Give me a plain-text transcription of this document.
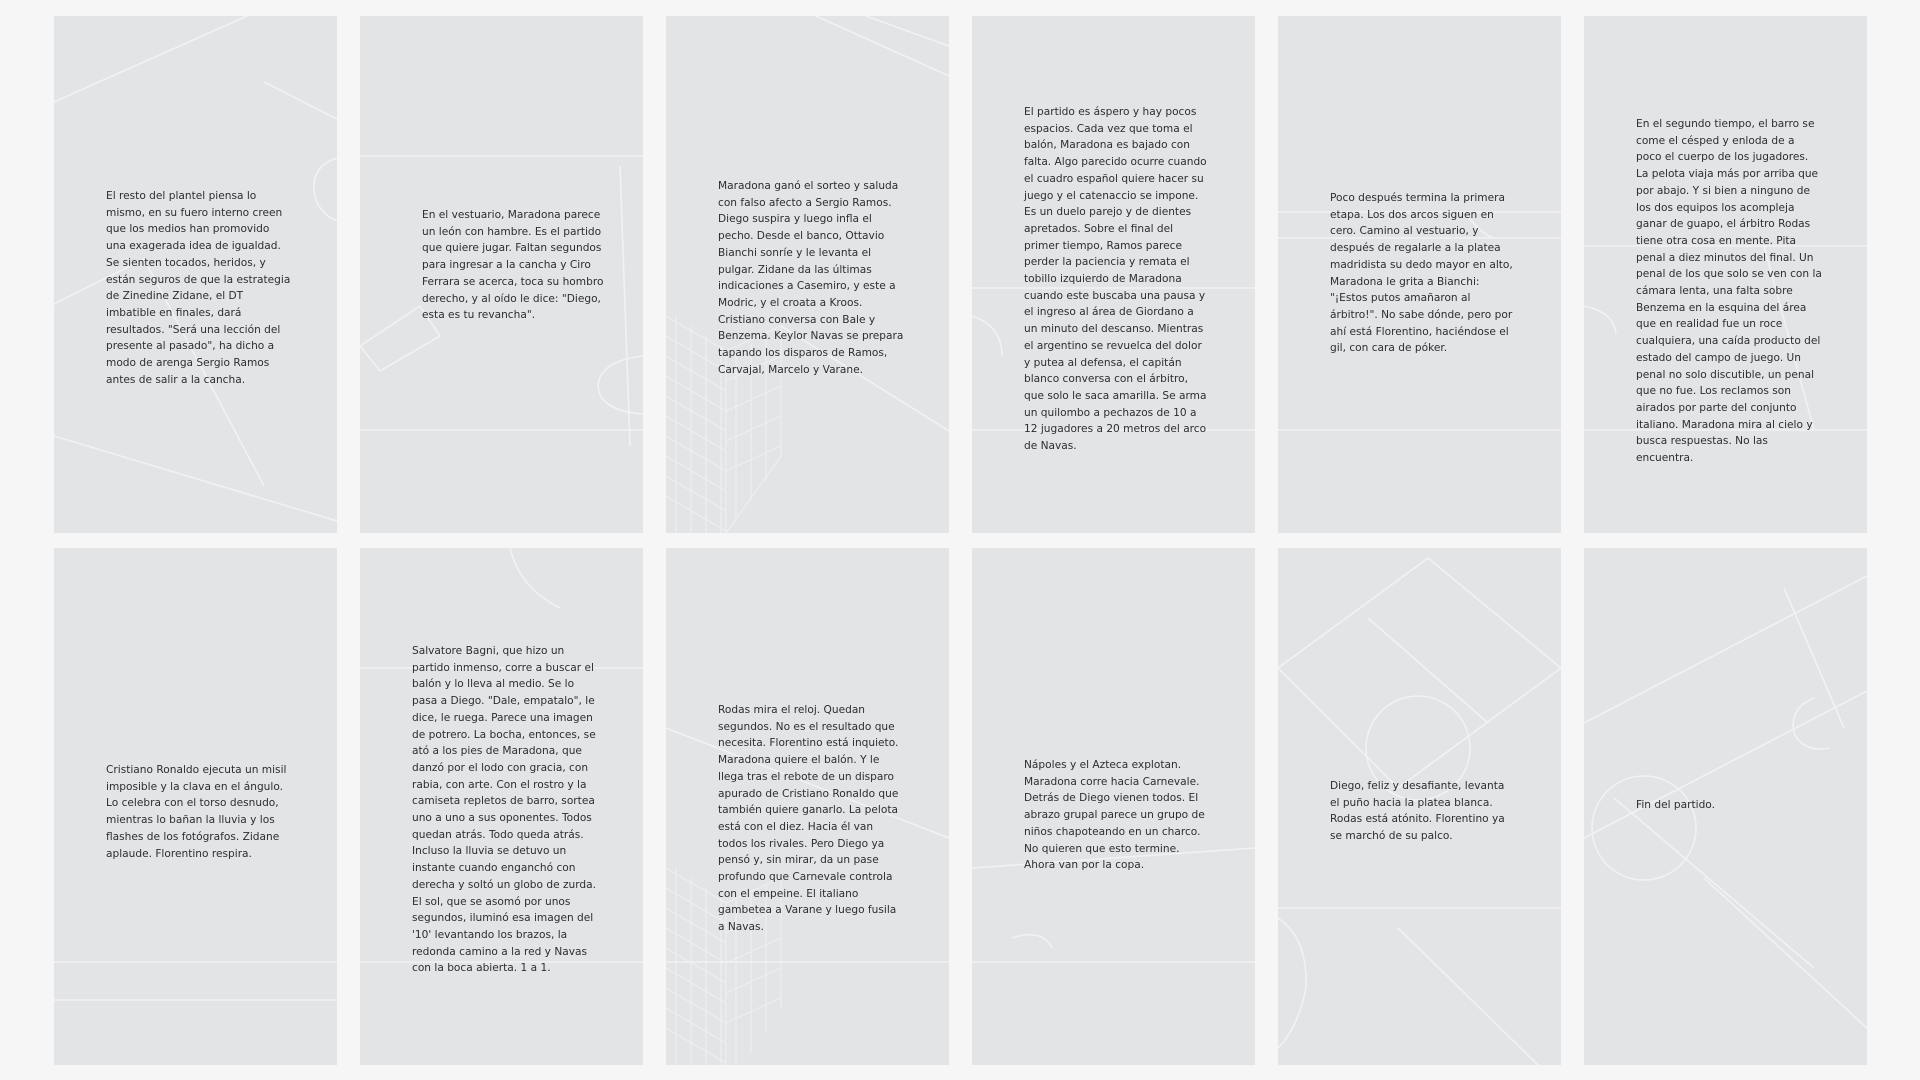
El resto del plantel piensa lo mismo, en su fuero interno creen que los medios han promovido una exagerada idea de igualdad. Se sienten tocados, heridos, y están seguros de que la estrategia de Zinedine Zidane, el DT imbatible en finales, dará resultados. "Será una lección del presente al pasado", ha dicho a modo de arenga Sergio Ramos antes de salir a la cancha.

En el vestuario, Maradona parece un león con hambre. Es el partido que quiere jugar. Faltan segundos para ingresar a la cancha y Ciro Ferrara se acerca, toca su hombro derecho, y al oído le dice: "Diego, esta es tu revancha".

Maradona ganó el sorteo y saluda con falso afecto a Sergio Ramos. Diego suspira y luego infla el pecho. Desde el banco, Ottavio Bianchi sonríe y le levanta el pulgar. Zidane da las últimas indicaciones a Casemiro, y este a Modric, y el croata a Kroos. Cristiano conversa con Bale y Benzema. Keylor Navas se prepara tapando los disparos de Ramos, Carvajal, Marcelo y Varane.

El partido es áspero y hay pocos espacios. Cada vez que toma el balón, Maradona es bajado con falta. Algo parecido ocurre cuando el cuadro español quiere hacer su juego y el catenaccio se impone. Es un duelo parejo y de dientes apretados. Sobre el final del primer tiempo, Ramos parece perder la paciencia y remata el tobillo izquierdo de Maradona cuando este buscaba una pausa y el ingreso al área de Giordano a un minuto del descanso. Mientras el argentino se revuelca del dolor y putea al defensa, el capitán blanco conversa con el árbitro, que solo le saca amarilla. Se arma un quilombo a pechazos de 10 a 12 jugadores a 20 metros del arco de Navas.

Poco después termina la primera etapa. Los dos arcos siguen en cero. Camino al vestuario, y después de regalarle a la platea madridista su dedo mayor en alto, Maradona le grita a Bianchi: "¡Estos putos amañaron al árbitro!". No sabe dónde, pero por ahí está Florentino, haciéndose el gil, con cara de póker.

En el segundo tiempo, el barro se come el césped y enloda de a poco el cuerpo de los jugadores. La pelota viaja más por arriba que por abajo. Y si bien a ninguno de los dos equipos los acompleja ganar de guapo, el árbitro Rodas tiene otra cosa en mente. Pita penal a diez minutos del final. Un penal de los que solo se ven con la cámara lenta, una falta sobre Benzema en la esquina del área que en realidad fue un roce cualquiera, una caída producto del estado del campo de juego. Un penal no solo discutible, un penal que no fue. Los reclamos son airados por parte del conjunto italiano. Maradona mira al cielo y busca respuestas. No las encuentra.

Cristiano Ronaldo ejecuta un misil imposible y la clava en el ángulo. Lo celebra con el torso desnudo, mientras lo bañan la lluvia y los flashes de los fotógrafos. Zidane aplaude. Florentino respira.

Salvatore Bagni, que hizo un partido inmenso, corre a buscar el balón y lo lleva al medio. Se lo pasa a Diego. "Dale, empatalo", le dice, le ruega. Parece una imagen de potrero. La bocha, entonces, se ató a los pies de Maradona, que danzó por el lodo con gracia, con rabia, con arte. Con el rostro y la camiseta repletos de barro, sortea uno a uno a sus oponentes. Todos quedan atrás. Todo queda atrás. Incluso la lluvia se detuvo un instante cuando enganchó con derecha y soltó un globo de zurda. El sol, que se asomó por unos segundos, iluminó esa imagen del '10' levantando los brazos, la redonda camino a la red y Navas con la boca abierta. 1 a 1.

Rodas mira el reloj. Quedan segundos. No es el resultado que necesita. Florentino está inquieto. Maradona quiere el balón. Y le llega tras el rebote de un disparo apurado de Cristiano Ronaldo que también quiere ganarlo. La pelota está con el diez. Hacia él van todos los rivales. Pero Diego ya pensó y, sin mirar, da un pase profundo que Carnevale controla con el empeine. El italiano gambetea a Varane y luego fusila a Navas.

Nápoles y el Azteca explotan. Maradona corre hacia Carnevale. Detrás de Diego vienen todos. El abrazo grupal parece un grupo de niños chapoteando en un charco. No quieren que esto termine. Ahora van por la copa.

Diego, feliz y desafiante, levanta el puño hacia la platea blanca. Rodas está atónito. Florentino ya se marchó de su palco.

Fin del partido.
